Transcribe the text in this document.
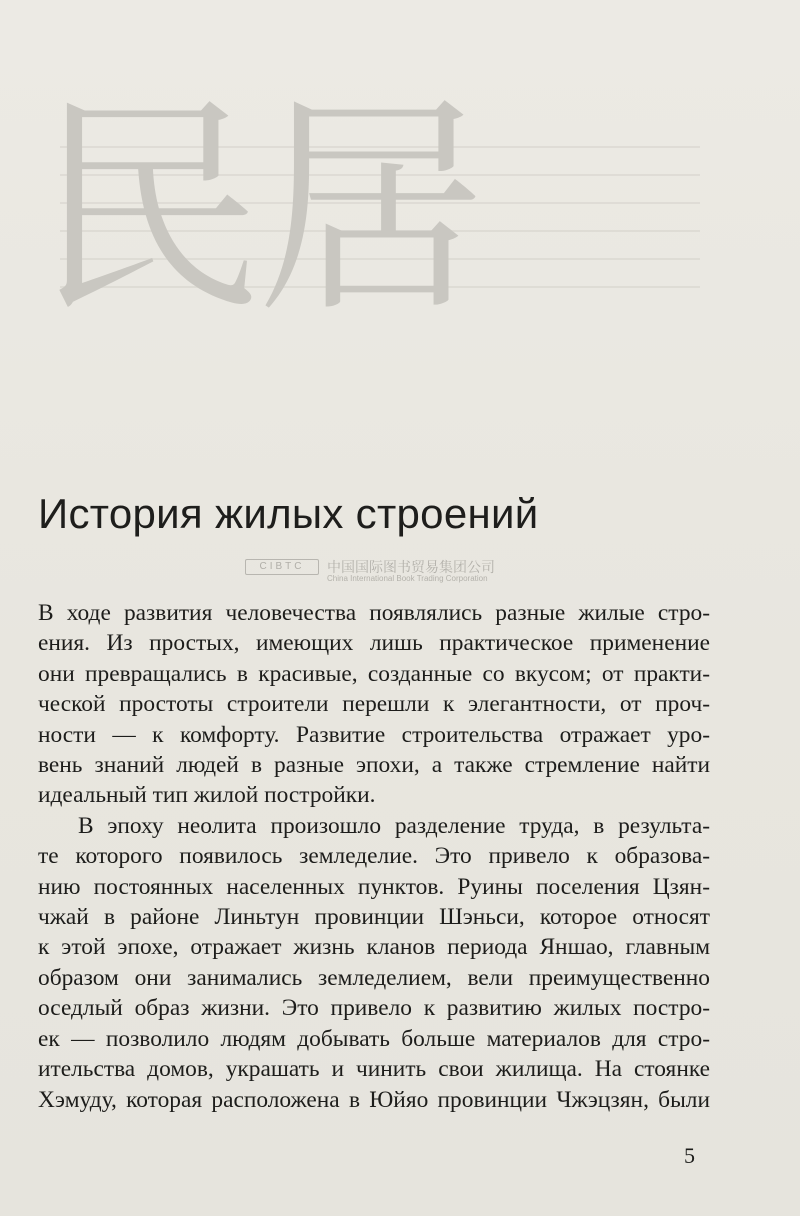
民居
История жилых строений
CIBTC	中国国际图书贸易集团公司
China International Book Trading Corporation
В ходе развития человечества появлялись разные жилые стро-
ения. Из простых, имеющих лишь практическое применение
они превращались в красивые, созданные со вкусом; от практи-
ческой простоты строители перешли к элегантности, от проч-
ности — к комфорту. Развитие строительства отражает уро-
вень знаний людей в разные эпохи, а также стремление найти
идеальный тип жилой постройки.
В эпоху неолита произошло разделение труда, в результа-
те которого появилось земледелие. Это привело к образова-
нию постоянных населенных пунктов. Руины поселения Цзян-
чжай в районе Линьтун провинции Шэньси, которое относят
к этой эпохе, отражает жизнь кланов периода Яншао, главным
образом они занимались земледелием, вели преимущественно
оседлый образ жизни. Это привело к развитию жилых постро-
ек — позволило людям добывать больше материалов для стро-
ительства домов, украшать и чинить свои жилища. На стоянке
Хэмуду, которая расположена в Юйяо провинции Чжэцзян, были
5
